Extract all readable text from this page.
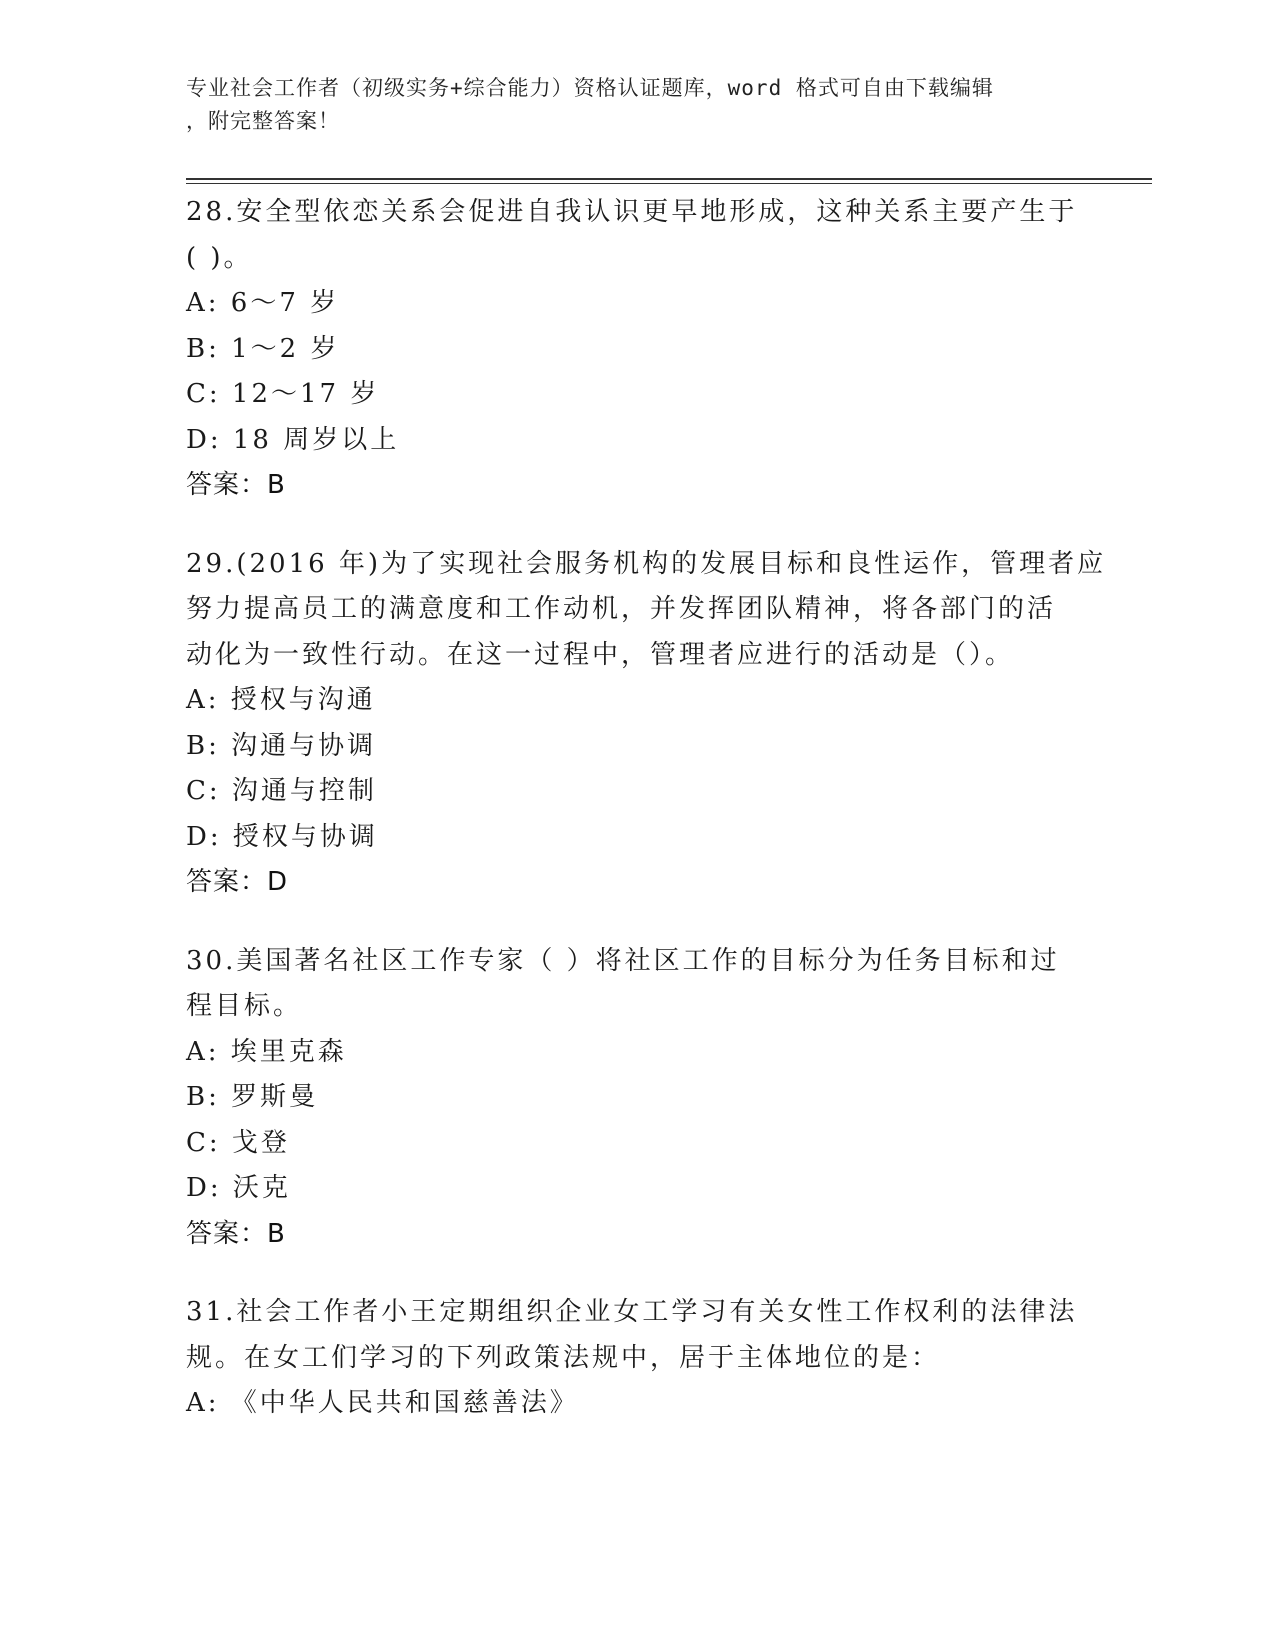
专业社会工作者（初级实务+综合能力）资格认证题库，word 格式可自由下载编辑
，附完整答案！
28.安全型依恋关系会促进自我认识更早地形成，这种关系主要产生于
( )。
A: 6～7 岁
B: 1～2 岁
C: 12～17 岁
D: 18 周岁以上
答案：B
29.(2016 年)为了实现社会服务机构的发展目标和良性运作，管理者应
努力提高员工的满意度和工作动机，并发挥团队精神，将各部门的活
动化为一致性行动。在这一过程中，管理者应进行的活动是（）。
A: 授权与沟通
B: 沟通与协调
C: 沟通与控制
D: 授权与协调
答案：D
30.美国著名社区工作专家（ ）将社区工作的目标分为任务目标和过
程目标。
A: 埃里克森
B: 罗斯曼
C: 戈登
D: 沃克
答案：B
31.社会工作者小王定期组织企业女工学习有关女性工作权利的法律法
规。在女工们学习的下列政策法规中，居于主体地位的是：
A: 《中华人民共和国慈善法》
